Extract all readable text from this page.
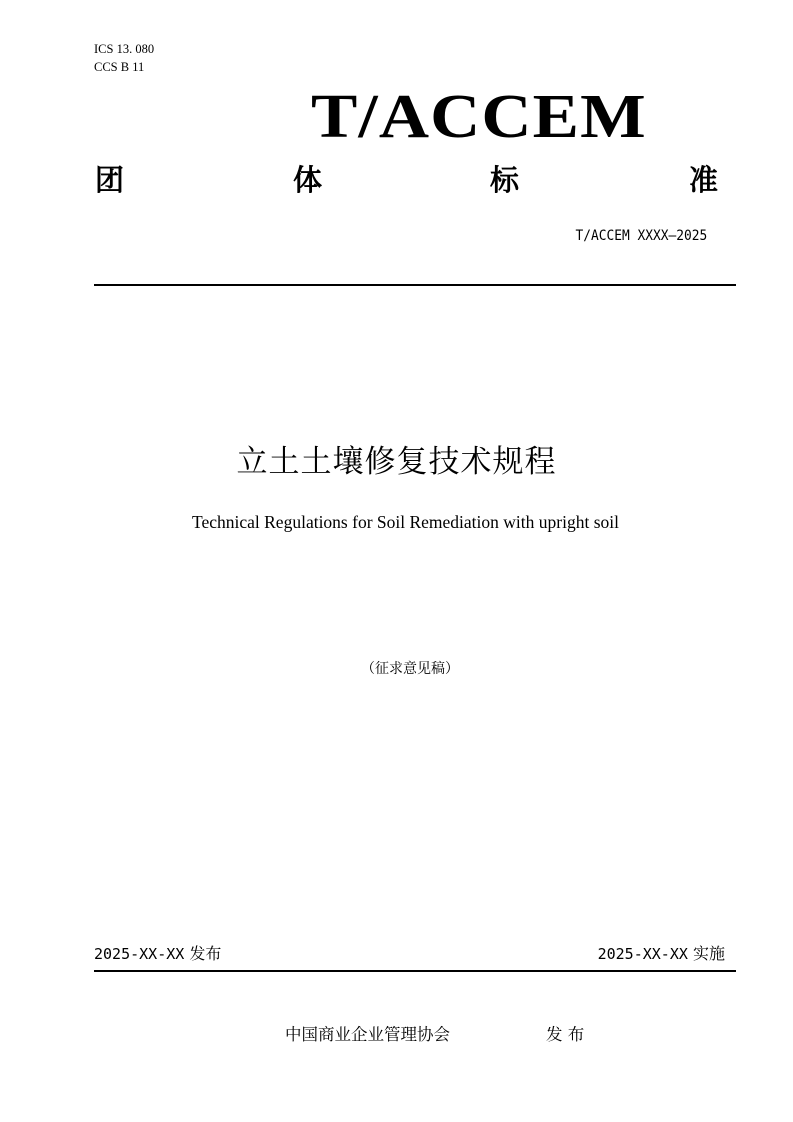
ICS 13. 080
CCS B 11
T/ACCEM
团	体	标	准
T/ACCEM XXXX—2025
立土土壤修复技术规程
Technical Regulations for Soil Remediation with upright soil
（征求意见稿）
2025-XX-XX 发布	2025-XX-XX 实施
中国商业企业管理协会	发 布
